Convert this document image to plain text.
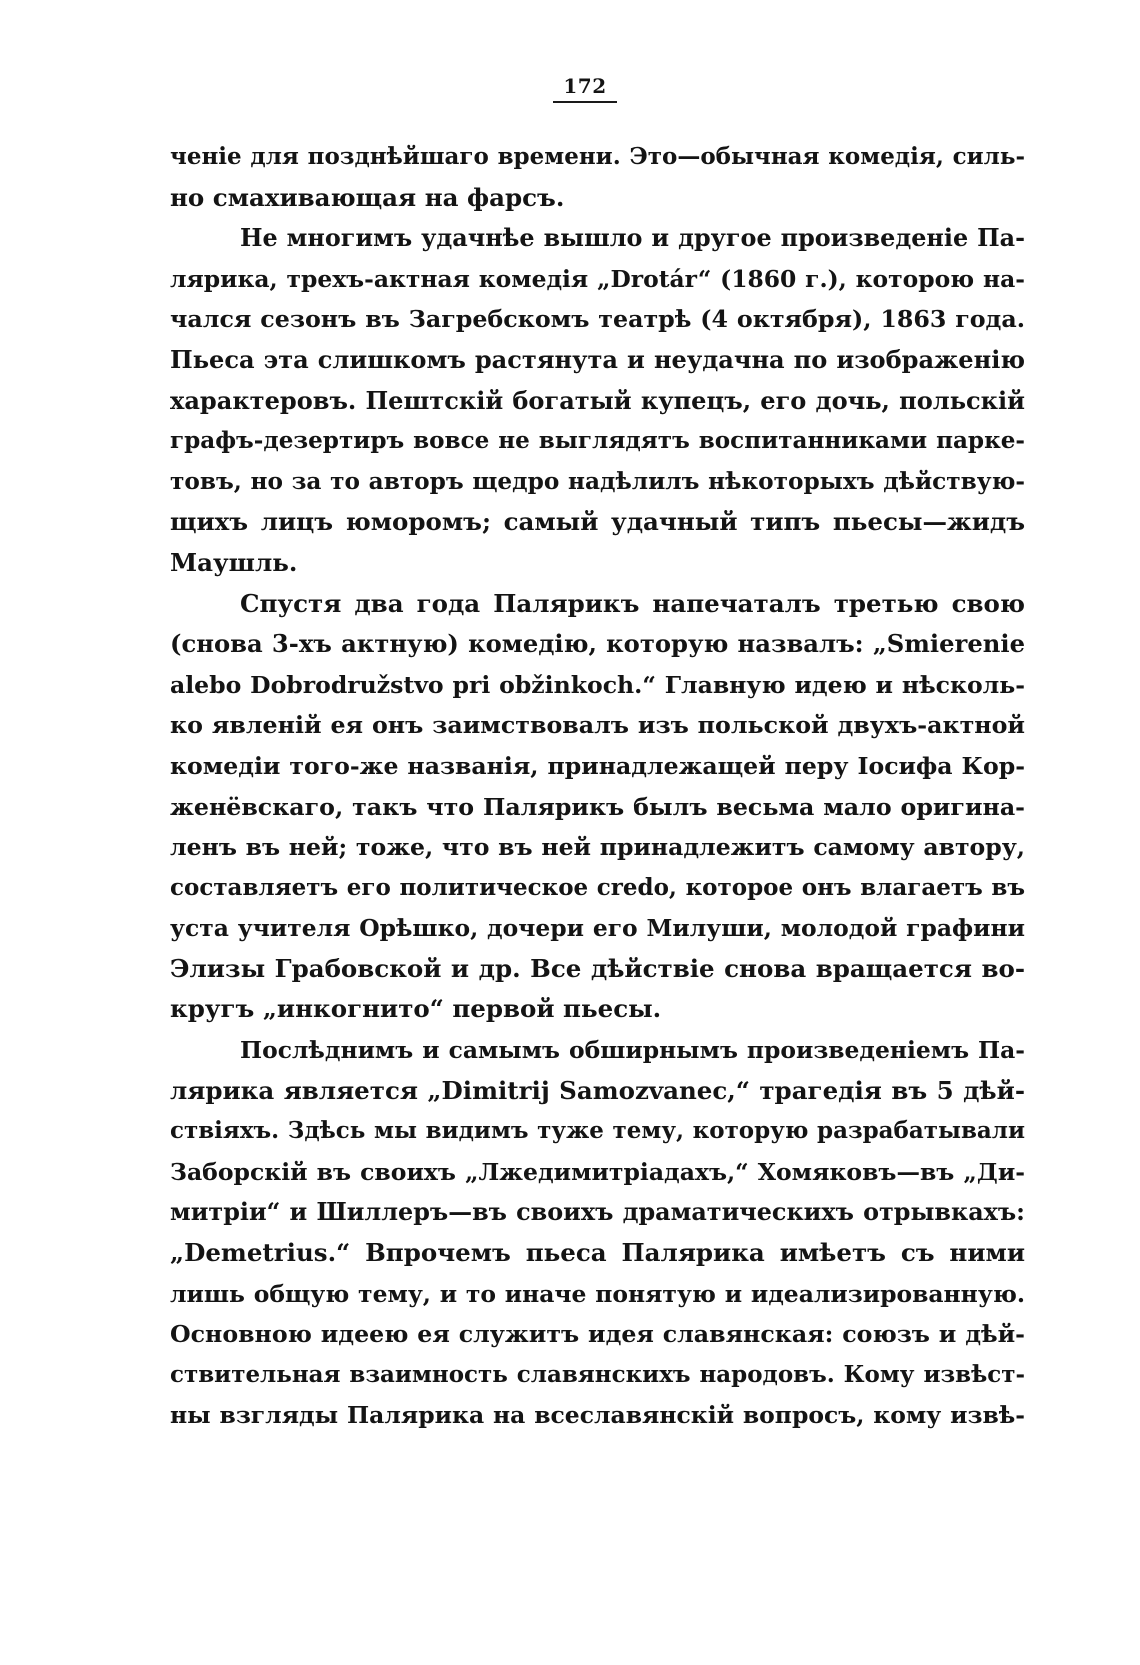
172
ченіе для позднѣйшаго времени. Это—обычная комедія, силь-
но смахивающая на фарсъ.
Не многимъ удачнѣе вышло и другое произведеніе Па-
лярика, трехъ-актная комедія „Drotár“ (1860 г.), которою на-
чался сезонъ въ Загребскомъ театрѣ (4 октября), 1863 года.
Пьеса эта слишкомъ растянута и неудачна по изображенію
характеровъ. Пештскій богатый купецъ, его дочь, польскій
графъ-дезертиръ вовсе не выглядятъ воспитанниками парке-
товъ, но за то авторъ щедро надѣлилъ нѣкоторыхъ дѣйствую-
щихъ лицъ юморомъ; самый удачный типъ пьесы—жидъ
Маушль.
Спустя два года Палярикъ напечаталъ третью свою
(снова 3-хъ актную) комедію, которую назвалъ: „Smierenie
alebo Dobrodružstvo pri obžinkoch.“ Главную идею и нѣсколь-
ко явленій ея онъ заимствовалъ изъ польской двухъ-актной
комедіи того-же названія, принадлежащей перу Іосифа Кор-
женёвскаго, такъ что Палярикъ былъ весьма мало оригина-
ленъ въ ней; тоже, что въ ней принадлежитъ самому автору,
составляетъ его политическое credo, которое онъ влагаетъ въ
уста учителя Орѣшко, дочери его Милуши, молодой графини
Элизы Грабовской и др. Все дѣйствіе снова вращается во-
кругъ „инкогнито“ первой пьесы.
Послѣднимъ и самымъ обширнымъ произведеніемъ Па-
лярика является „Dimitrij Samozvanec,“ трагедія въ 5 дѣй-
ствіяхъ. Здѣсь мы видимъ туже тему, которую разрабатывали
Заборскій въ своихъ „Лжедимитріадахъ,“ Хомяковъ—въ „Ди-
митріи“ и Шиллеръ—въ своихъ драматическихъ отрывкахъ:
„Demetrius.“ Впрочемъ пьеса Палярика имѣетъ съ ними
лишь общую тему, и то иначе понятую и идеализированную.
Основною идеею ея служитъ идея славянская: союзъ и дѣй-
ствительная взаимность славянскихъ народовъ. Кому извѣст-
ны взгляды Палярика на всеславянскій вопросъ, кому извѣ-
